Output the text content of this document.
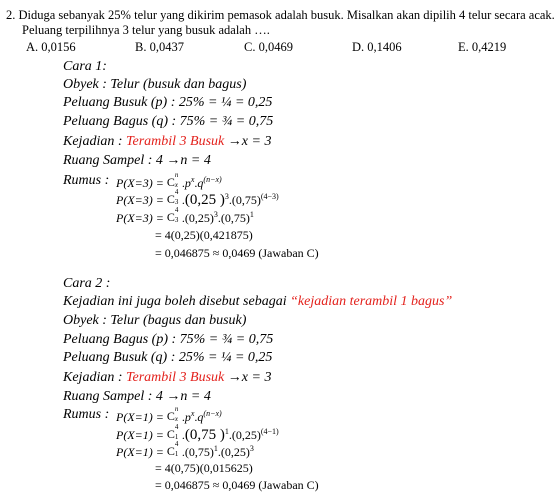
2. Diduga sebanyak 25% telur yang dikirim pemasok adalah busuk. Misalkan akan dipilih 4 telur secara acak.
Peluang terpilihnya 3 telur yang busuk adalah ….
A. 0,0156	B. 0,0437	C. 0,0469	D. 0,1406	E. 0,4219
Cara 1:
Obyek : Telur (busuk dan bagus)
Peluang Busuk (p) : 25% = ¼ = 0,25
Peluang Bagus (q) : 75% = ¾ = 0,75
Kejadian : Terambil 3 Busuk →x = 3
Ruang Sampel : 4 →n = 4
Rumus : P(X=3) = C n
x $.p^x.q^{(n-x)}$
P(X=3) = C 4
3 .(0,25 )$^3.(0,75)^{(4-3)}$
P(X=3) = C 4
3 $.(0,25)^3.(0,75)^1$
= 4(0,25)(0,421875)
= 0,046875 ≈ 0,0469 (Jawaban C)
Cara 2 :
Kejadian ini juga boleh disebut sebagai “kejadian terambil 1 bagus”
Obyek : Telur (bagus dan busuk)
Peluang Bagus (p) : 75% = ¾ = 0,75
Peluang Busuk (q) : 25% = ¼ = 0,25
Kejadian : Terambil 3 Busuk →x = 3
Ruang Sampel : 4 →n = 4
Rumus : P(X=1) = C n
x $.p^x.q^{(n-x)}$
P(X=1) = C 4
1 .(0,75 )$^1.(0,25)^{(4-1)}$
P(X=1) = C 4
1 $.(0,75)^1.(0,25)^3$
= 4(0,75)(0,015625)
= 0,046875 ≈ 0,0469 (Jawaban C)
